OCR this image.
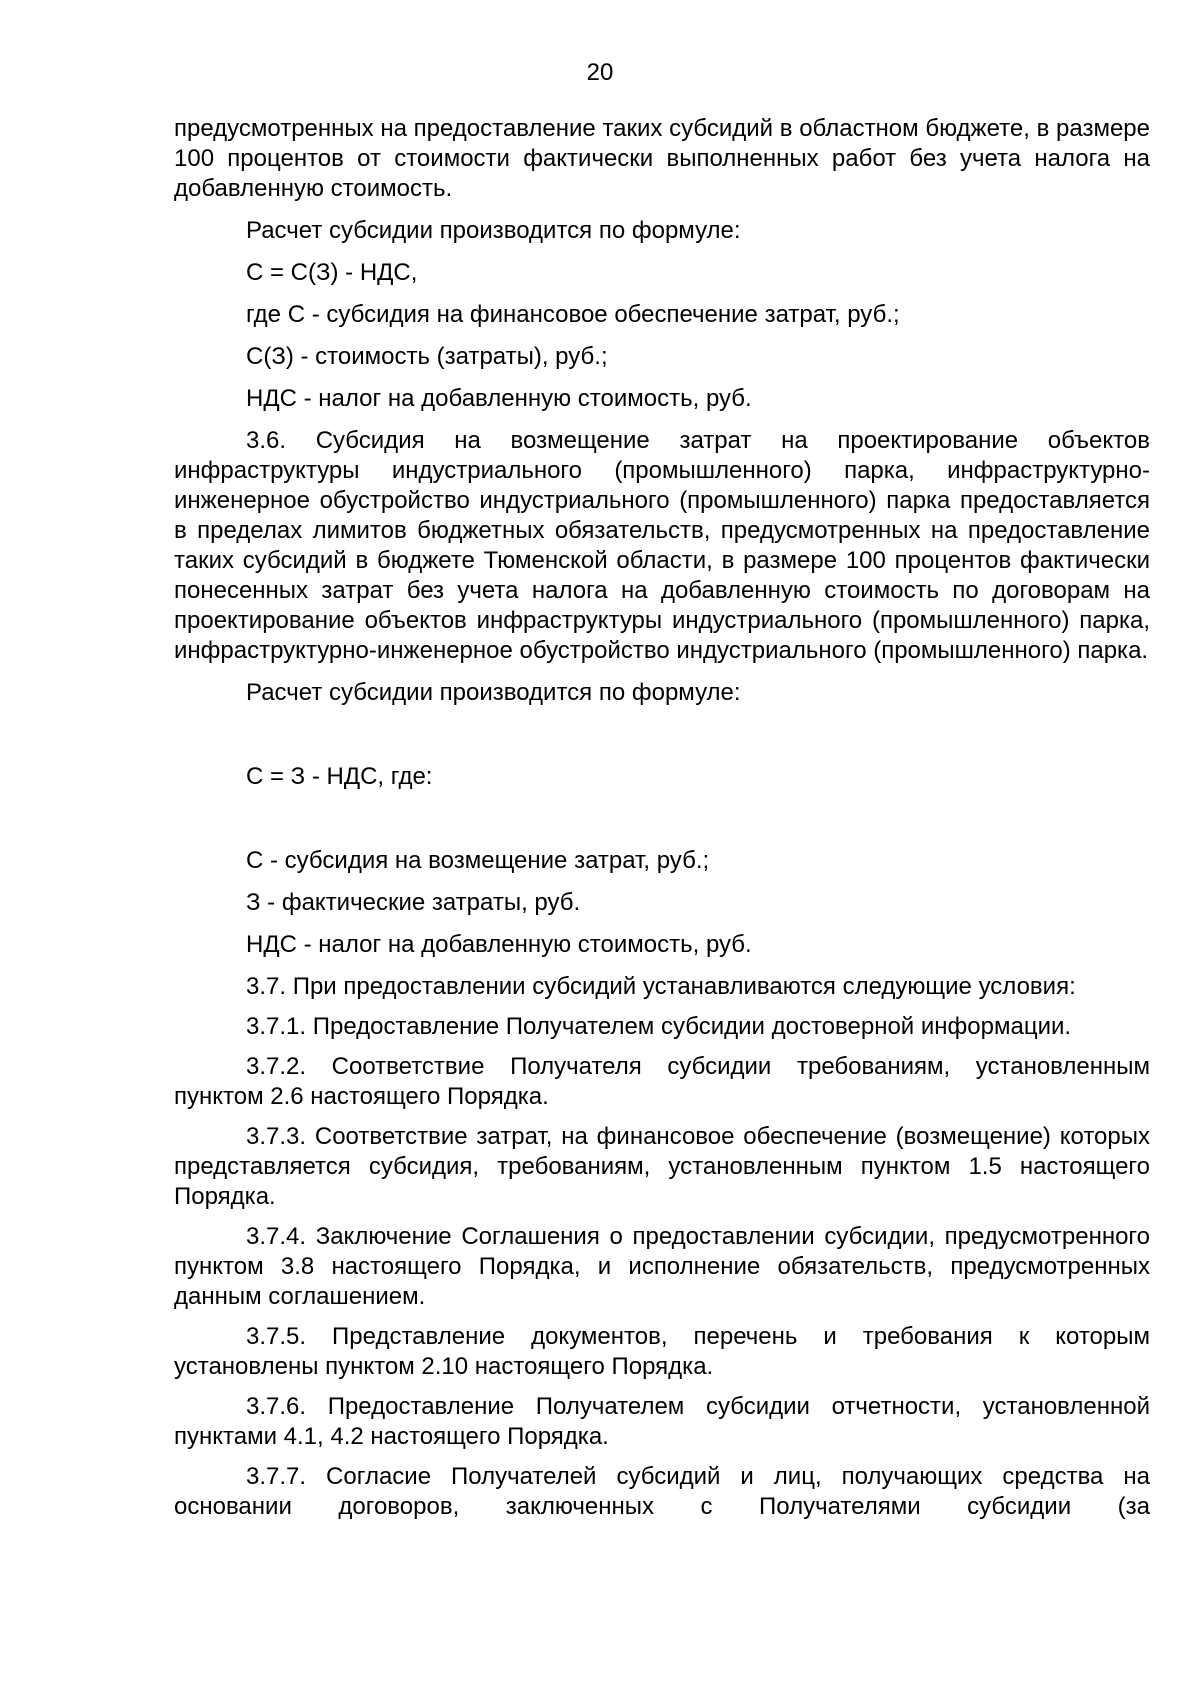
20

предусмотренных на предоставление таких субсидий в областном бюджете, в размере 100 процентов от стоимости фактически выполненных работ без учета налога на добавленную стоимость.

Расчет субсидии производится по формуле:

С = С(З) - НДС,

где С - субсидия на финансовое обеспечение затрат, руб.;

С(З) - стоимость (затраты), руб.;

НДС - налог на добавленную стоимость, руб.

3.6. Субсидия на возмещение затрат на проектирование объектов инфраструктуры индустриального (промышленного) парка, инфраструктурно-инженерное обустройство индустриального (промышленного) парка предоставляется в пределах лимитов бюджетных обязательств, предусмотренных на предоставление таких субсидий в бюджете Тюменской области, в размере 100 процентов фактически понесенных затрат без учета налога на добавленную стоимость по договорам на проектирование объектов инфраструктуры индустриального (промышленного) парка, инфраструктурно-инженерное обустройство индустриального (промышленного) парка.

Расчет субсидии производится по формуле:

С = З - НДС, где:

С - субсидия на возмещение затрат, руб.;

З - фактические затраты, руб.

НДС - налог на добавленную стоимость, руб.

3.7. При предоставлении субсидий устанавливаются следующие условия:

3.7.1. Предоставление Получателем субсидии достоверной информации.

3.7.2. Соответствие Получателя субсидии требованиям, установленным пунктом 2.6 настоящего Порядка.

3.7.3. Соответствие затрат, на финансовое обеспечение (возмещение) которых представляется субсидия, требованиям, установленным пунктом 1.5 настоящего Порядка.

3.7.4. Заключение Соглашения о предоставлении субсидии, предусмотренного пунктом 3.8 настоящего Порядка, и исполнение обязательств, предусмотренных данным соглашением.

3.7.5. Представление документов, перечень и требования к которым установлены пунктом 2.10 настоящего Порядка.

3.7.6. Предоставление Получателем субсидии отчетности, установленной пунктами 4.1, 4.2 настоящего Порядка.

3.7.7. Согласие Получателей субсидий и лиц, получающих средства на основании договоров, заключенных с Получателями субсидии (за
